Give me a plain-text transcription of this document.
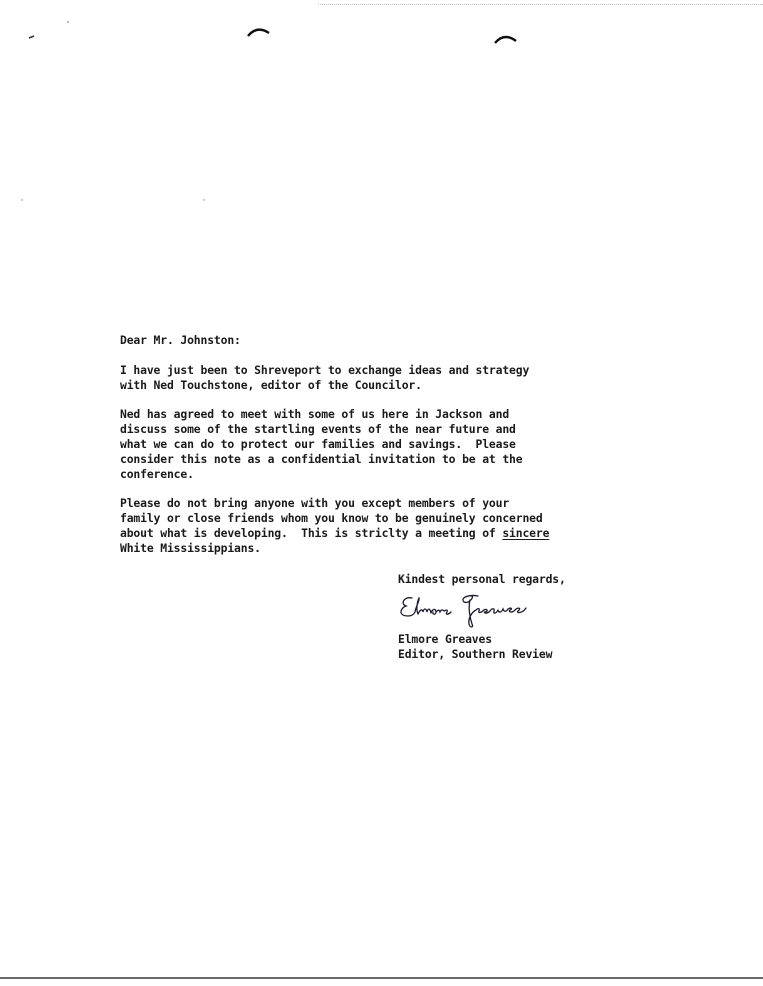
Dear Mr. Johnston:

I have just been to Shreveport to exchange ideas and strategy

with Ned Touchstone, editor of the Councilor.

Ned has agreed to meet with some of us here in Jackson and

discuss some of the startling events of the near future and

what we can do to protect our families and savings.  Please

consider this note as a confidential invitation to be at the

conference.

Please do not bring anyone with you except members of your

family or close friends whom you know to be genuinely concerned

about what is developing.  This is striclty a meeting of sincere

White Mississippians.

Kindest personal regards,
Elmore Greaves
Editor, Southern Review
